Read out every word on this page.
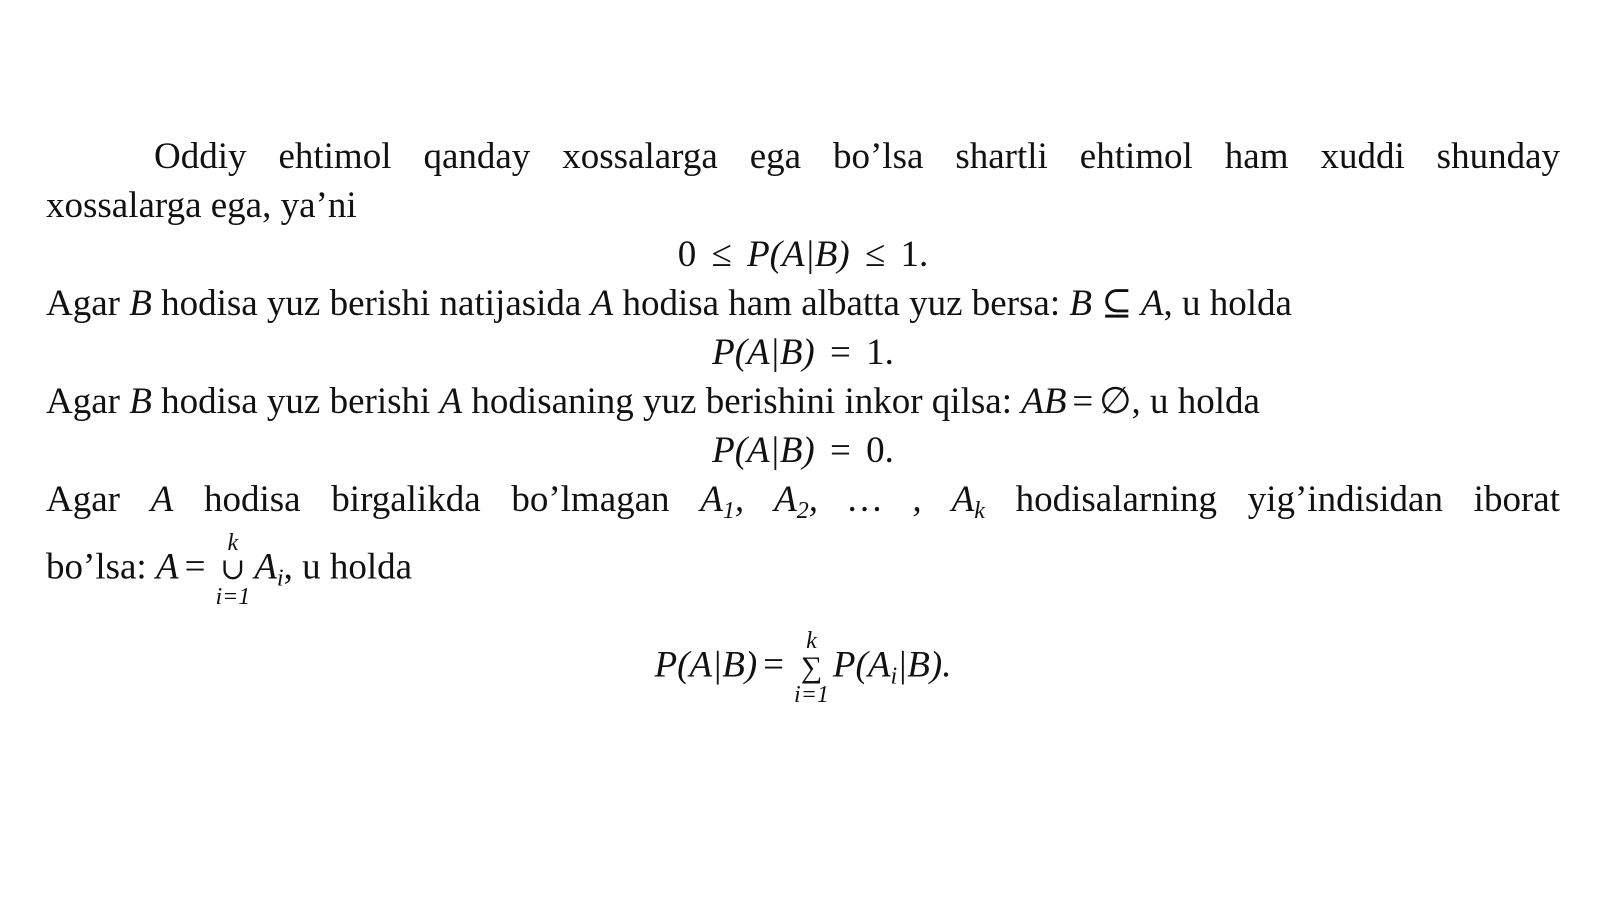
Oddiy ehtimol qanday xossalarga ega bo’lsa shartli ehtimol ham xuddi shunday

xossalarga ega, ya’ni

0 ≤ P(A|B) ≤ 1.

Agar B hodisa yuz berishi natijasida A hodisa ham albatta yuz bersa: B ⊆ A, u holda

P(A|B) = 1.

Agar B hodisa yuz berishi A hodisaning yuz berishini inkor qilsa: AB = ∅, u holda

P(A|B) = 0.

Agar A hodisa birgalikda bo’lmagan $A_1$, $A_2$, … , $A_k$ hodisalarning yig’indisidan iborat

bo’lsa: A =
k
∪
i=1
$A_i$, u holda

P(A|B) =
k
∑
i=1
$P(A_i|B)$.
